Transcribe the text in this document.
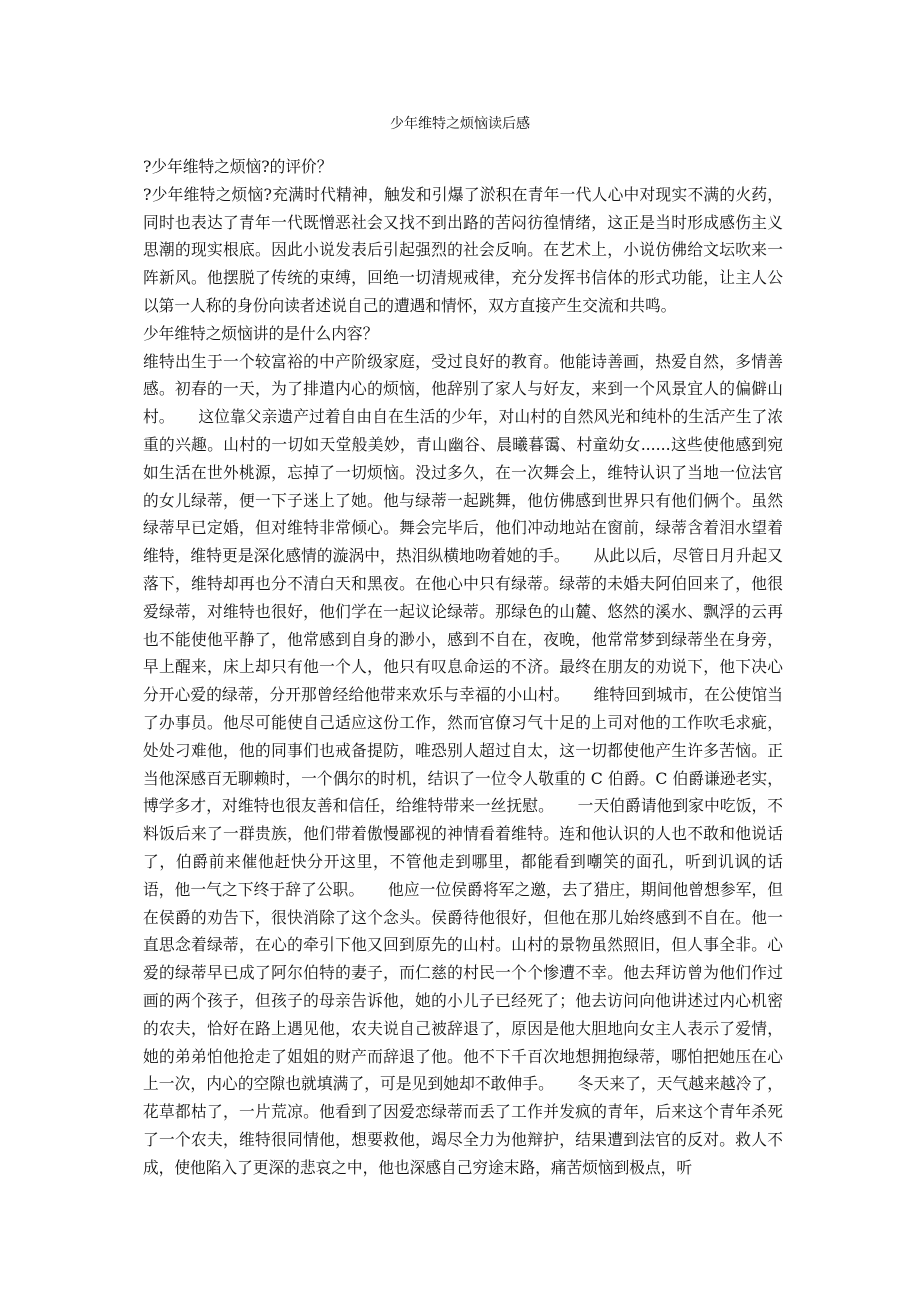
少年维特之烦恼读后感

?少年维特之烦恼?的评价？

?少年维特之烦恼?充满时代精神，触发和引爆了淤积在青年一代人心中对现实不满的火药，同时也表达了青年一代既憎恶社会又找不到出路的苦闷彷徨情绪，这正是当时形成感伤主义思潮的现实根底。因此小说发表后引起强烈的社会反响。在艺术上，小说仿佛给文坛吹来一阵新风。他摆脱了传统的束缚，回绝一切清规戒律，充分发挥书信体的形式功能，让主人公以第一人称的身份向读者述说自己的遭遇和情怀，双方直接产生交流和共鸣。

少年维特之烦恼讲的是什么内容？

维特出生于一个较富裕的中产阶级家庭，受过良好的教育。他能诗善画，热爱自然，多情善感。初春的一天，为了排遣内心的烦恼，他辞别了家人与好友，来到一个风景宜人的偏僻山村。　　这位靠父亲遗产过着自由自在生活的少年，对山村的自然风光和纯朴的生活产生了浓重的兴趣。山村的一切如天堂般美妙，青山幽谷、晨曦暮霭、村童幼女......这些使他感到宛如生活在世外桃源，忘掉了一切烦恼。没过多久，在一次舞会上，维特认识了当地一位法官的女儿绿蒂，便一下子迷上了她。他与绿蒂一起跳舞，他仿佛感到世界只有他们俩个。虽然绿蒂早已定婚，但对维特非常倾心。舞会完毕后，他们冲动地站在窗前，绿蒂含着泪水望着维特，维特更是深化感情的漩涡中，热泪纵横地吻着她的手。　　从此以后，尽管日月升起又落下，维特却再也分不清白天和黑夜。在他心中只有绿蒂。绿蒂的未婚夫阿伯回来了，他很爱绿蒂，对维特也很好，他们学在一起议论绿蒂。那绿色的山麓、悠然的溪水、飘浮的云再也不能使他平静了，他常感到自身的渺小，感到不自在，夜晚，他常常梦到绿蒂坐在身旁，早上醒来，床上却只有他一个人，他只有叹息命运的不济。最终在朋友的劝说下，他下决心分开心爱的绿蒂，分开那曾经给他带来欢乐与幸福的小山村。　　维特回到城市，在公使馆当了办事员。他尽可能使自己适应这份工作，然而官僚习气十足的上司对他的工作吹毛求疵，处处刁难他，他的同事们也戒备提防，唯恐别人超过自太，这一切都使他产生许多苦恼。正当他深感百无聊赖时，一个偶尔的时机，结识了一位令人敬重的 C 伯爵。C 伯爵谦逊老实，博学多才，对维特也很友善和信任，给维特带来一丝抚慰。　　一天伯爵请他到家中吃饭，不料饭后来了一群贵族，他们带着傲慢鄙视的神情看着维特。连和他认识的人也不敢和他说话了，伯爵前来催他赶快分开这里，不管他走到哪里，都能看到嘲笑的面孔，听到讥讽的话语，他一气之下终于辞了公职。　　他应一位侯爵将军之邀，去了猎庄，期间他曾想参军，但在侯爵的劝告下，很快消除了这个念头。侯爵待他很好，但他在那儿始终感到不自在。他一直思念着绿蒂，在心的牵引下他又回到原先的山村。山村的景物虽然照旧，但人事全非。心爱的绿蒂早已成了阿尔伯特的妻子，而仁慈的村民一个个惨遭不幸。他去拜访曾为他们作过画的两个孩子，但孩子的母亲告诉他，她的小儿子已经死了；他去访问向他讲述过内心机密的农夫，恰好在路上遇见他，农夫说自己被辞退了，原因是他大胆地向女主人表示了爱情，她的弟弟怕他抢走了姐姐的财产而辞退了他。他不下千百次地想拥抱绿蒂，哪怕把她压在心上一次，内心的空隙也就填满了，可是见到她却不敢伸手。　　冬天来了，天气越来越冷了，花草都枯了，一片荒凉。他看到了因爱恋绿蒂而丢了工作并发疯的青年，后来这个青年杀死了一个农夫，维特很同情他，想要救他，竭尽全力为他辩护，结果遭到法官的反对。救人不成，使他陷入了更深的悲哀之中，他也深感自己穷途末路，痛苦烦恼到极点，听
